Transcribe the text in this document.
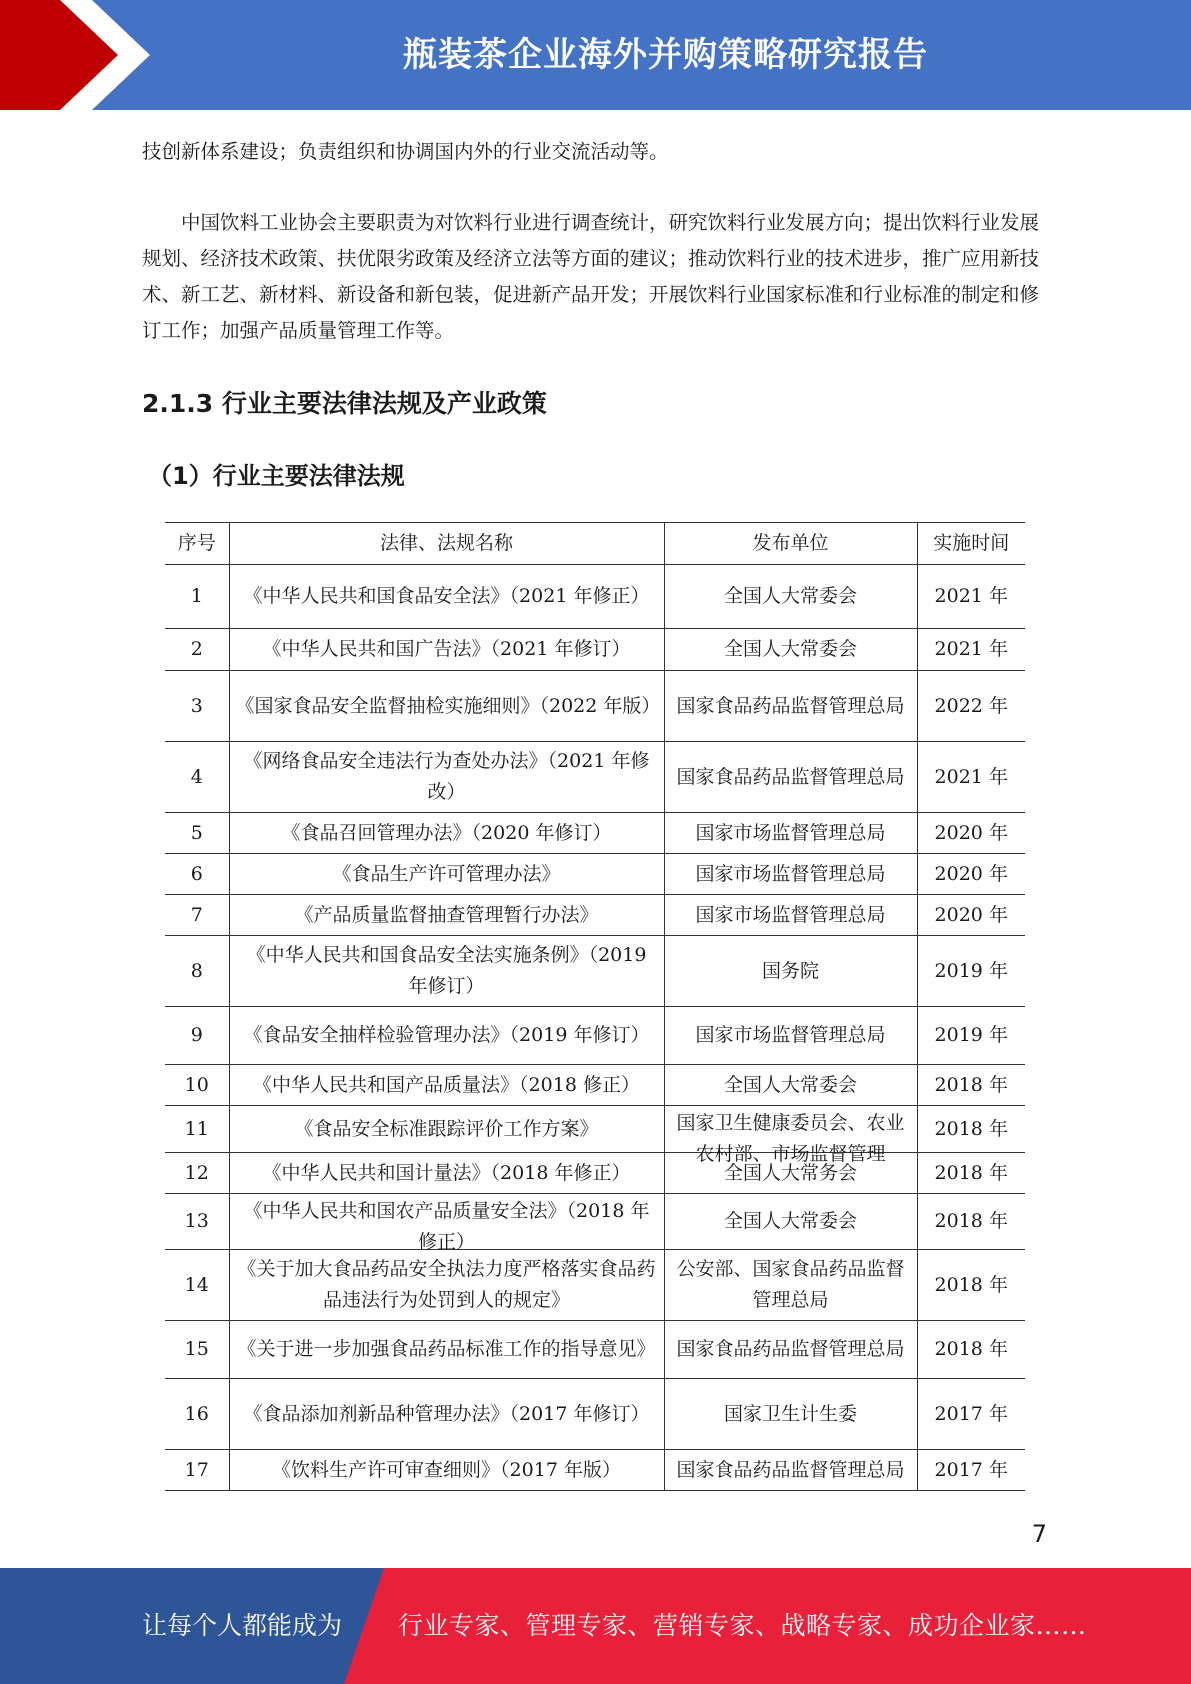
瓶装茶企业海外并购策略研究报告

技创新体系建设；负责组织和协调国内外的行业交流活动等。

中国饮料工业协会主要职责为对饮料行业进行调查统计，研究饮料行业发展方向；提出饮料行业发展规划、经济技术政策、扶优限劣政策及经济立法等方面的建议；推动饮料行业的技术进步，推广应用新技术、新工艺、新材料、新设备和新包装，促进新产品开发；开展饮料行业国家标准和行业标准的制定和修订工作；加强产品质量管理工作等。

2.1.3 行业主要法律法规及产业政策
（1）行业主要法律法规
序号	法律、法规名称	发布单位	实施时间

1	《中华人民共和国食品安全法》（2021 年修正）	全国人大常委会	2021 年

2	《中华人民共和国广告法》（2021 年修订）	全国人大常委会	2021 年

3	《国家食品安全监督抽检实施细则》（2022 年版）	国家食品药品监督管理总局	2022 年

4	《网络食品安全违法行为查处办法》（2021 年修改）	国家食品药品监督管理总局	2021 年

5	《食品召回管理办法》（2020 年修订）	国家市场监督管理总局	2020 年

6	《食品生产许可管理办法》	国家市场监督管理总局	2020 年

7	《产品质量监督抽查管理暂行办法》	国家市场监督管理总局	2020 年

8	《中华人民共和国食品安全法实施条例》（2019 年修订）	国务院	2019 年

9	《食品安全抽样检验管理办法》（2019 年修订）	国家市场监督管理总局	2019 年

10	《中华人民共和国产品质量法》（2018 修正）	全国人大常委会	2018 年

11	《食品安全标准跟踪评价工作方案》	国家卫生健康委员会、农业农村部、市场监督管理	2018 年

12	《中华人民共和国计量法》（2018 年修正）	全国人大常务会	2018 年

13	《中华人民共和国农产品质量安全法》（2018 年修正）	全国人大常委会	2018 年

14	《关于加大食品药品安全执法力度严格落实食品药品违法行为处罚到人的规定》	公安部、国家食品药品监督管理总局	2018 年

15	《关于进一步加强食品药品标准工作的指导意见》	国家食品药品监督管理总局	2018 年

16	《食品添加剂新品种管理办法》（2017 年修订）	国家卫生计生委	2017 年

17	《饮料生产许可审查细则》（2017 年版）	国家食品药品监督管理总局	2017 年
7
让每个人都能成为 行业专家、管理专家、营销专家、战略专家、成功企业家……
